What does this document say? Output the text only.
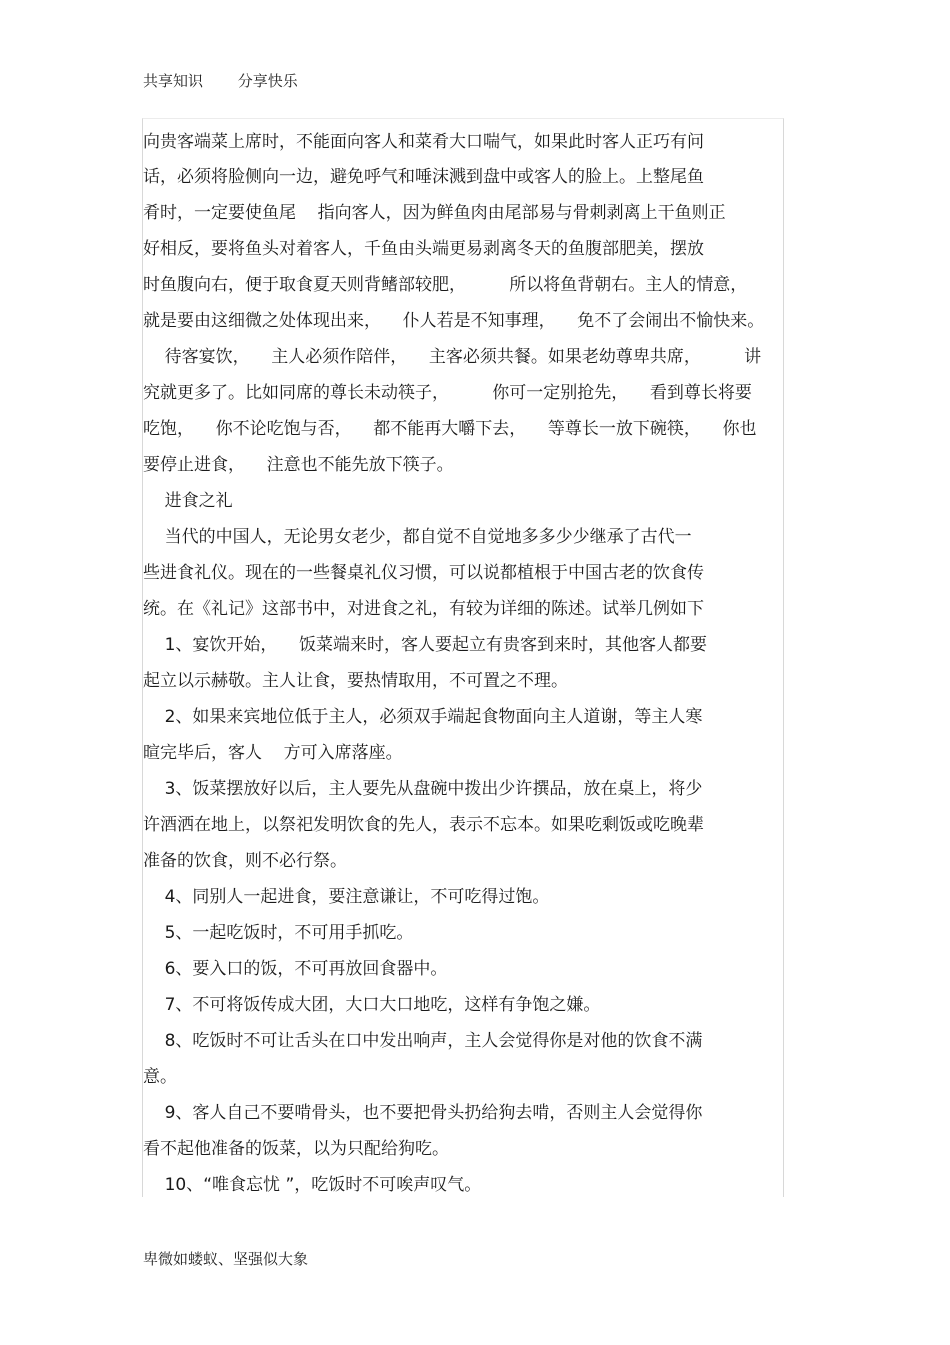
共享知识 分享快乐
向贵客端菜上席时，不能面向客人和菜肴大口喘气，如果此时客人正巧有问
话，必须将脸侧向一边，避免呼气和唾沫溅到盘中或客人的脸上。上整尾鱼
肴时，一定要使鱼尾    指向客人，因为鲜鱼肉由尾部易与骨刺剥离上干鱼则正
好相反，要将鱼头对着客人，千鱼由头端更易剥离冬天的鱼腹部肥美，摆放
时鱼腹向右，便于取食夏天则背鳍部较肥，        所以将鱼背朝右。主人的情意，
就是要由这细微之处体现出来，    仆人若是不知事理，    免不了会闹出不愉快来。
待客宴饮，    主人必须作陪伴，    主客必须共餐。如果老幼尊卑共席，        讲
究就更多了。比如同席的尊长未动筷子，        你可一定别抢先，    看到尊长将要
吃饱，    你不论吃饱与否，    都不能再大嚼下去，    等尊长一放下碗筷，    你也
要停止进食，    注意也不能先放下筷子。
进食之礼
当代的中国人，无论男女老少，都自觉不自觉地多多少少继承了古代一
些进食礼仪。现在的一些餐桌礼仪习惯，可以说都植根于中国古老的饮食传
统。在《礼记》这部书中，对进食之礼，有较为详细的陈述。试举几例如下
1、宴饮开始，    饭菜端来时，客人要起立有贵客到来时，其他客人都要
起立以示赫敬。主人让食，要热情取用，不可置之不理。
2、如果来宾地位低于主人，必须双手端起食物面向主人道谢，等主人寒
暄完毕后，客人    方可入席落座。
3、饭菜摆放好以后，主人要先从盘碗中拨出少许撰品，放在桌上，将少
许酒洒在地上，以祭祀发明饮食的先人，表示不忘本。如果吃剩饭或吃晚辈
准备的饮食，则不必行祭。
4、同别人一起进食，要注意谦让，不可吃得过饱。
5、一起吃饭时，不可用手抓吃。
6、要入口的饭，不可再放回食器中。
7、不可将饭传成大团，大口大口地吃，这样有争饱之嫌。
8、吃饭时不可让舌头在口中发出响声，主人会觉得你是对他的饮食不满
意。
9、客人自己不要啃骨头，也不要把骨头扔给狗去啃，否则主人会觉得你
看不起他准备的饭菜，以为只配给狗吃。
10、“唯食忘忧 ”，吃饭时不可唉声叹气。
卑微如蝼蚁、坚强似大象
